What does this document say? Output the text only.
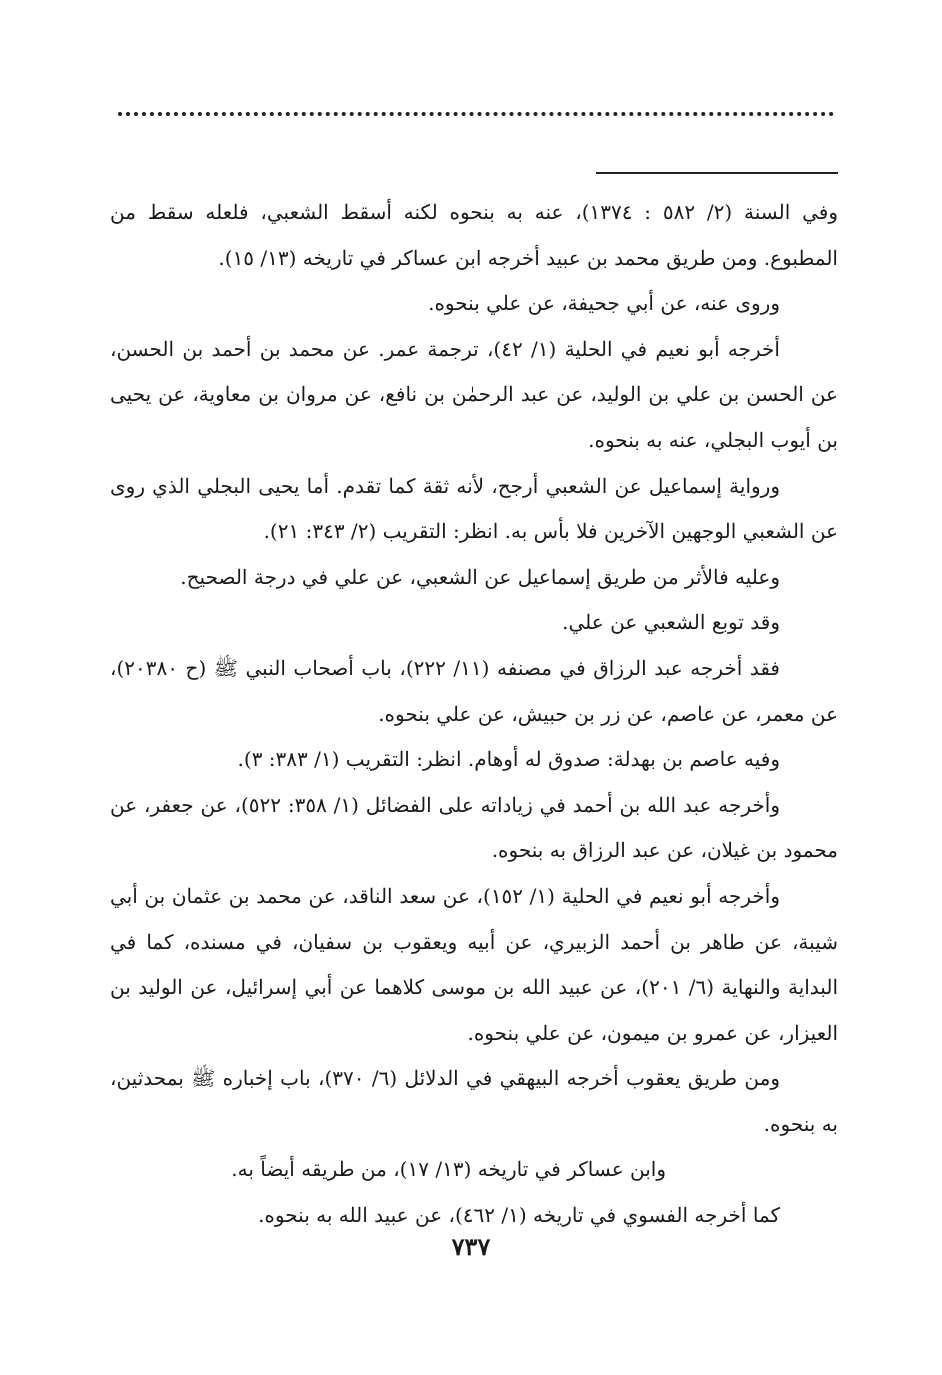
وفي السنة (٢/ ٥٨٢ : ١٣٧٤)، عنه به بنحوه لكنه أسقط الشعبي، فلعله سقط من المطبوع. ومن طريق محمد بن عبيد أخرجه ابن عساكر في تاريخه (١٣/ ١٥).

وروى عنه، عن أبي جحيفة، عن علي بنحوه.

أخرجه أبو نعيم في الحلية (١/ ٤٢)، ترجمة عمر. عن محمد بن أحمد بن الحسن، عن الحسن بن علي بن الوليد، عن عبد الرحمٰن بن نافع، عن مروان بن معاوية، عن يحيى بن أيوب البجلي، عنه به بنحوه.

ورواية إسماعيل عن الشعبي أرجح، لأنه ثقة كما تقدم. أما يحيى البجلي الذي روى عن الشعبي الوجهين الآخرين فلا بأس به. انظر: التقريب (٢/ ٣٤٣: ٢١).

وعليه فالأثر من طريق إسماعيل عن الشعبي، عن علي في درجة الصحيح.

وقد توبع الشعبي عن علي.

فقد أخرجه عبد الرزاق في مصنفه (١١/ ٢٢٢)، باب أصحاب النبي ﷺ (ح ٢٠٣٨٠)، عن معمر، عن عاصم، عن زر بن حبيش، عن علي بنحوه.

وفيه عاصم بن بهدلة: صدوق له أوهام. انظر: التقريب (١/ ٣٨٣: ٣).

وأخرجه عبد الله بن أحمد في زياداته على الفضائل (١/ ٣٥٨: ٥٢٢)، عن جعفر، عن محمود بن غيلان، عن عبد الرزاق به بنحوه.

وأخرجه أبو نعيم في الحلية (١/ ١٥٢)، عن سعد الناقد، عن محمد بن عثمان بن أبي شيبة، عن طاهر بن أحمد الزبيري، عن أبيه ويعقوب بن سفيان، في مسنده، كما في البداية والنهاية (٦/ ٢٠١)، عن عبيد الله بن موسى كلاهما عن أبي إسرائيل، عن الوليد بن العيزار، عن عمرو بن ميمون، عن علي بنحوه.

ومن طريق يعقوب أخرجه البيهقي في الدلائل (٦/ ٣٧٠)، باب إخباره ﷺ بمحدثين، به بنحوه.

وابن عساكر في تاريخه (١٣/ ١٧)، من طريقه أيضاً به.

كما أخرجه الفسوي في تاريخه (١/ ٤٦٢)، عن عبيد الله به بنحوه.

٧٣٧
